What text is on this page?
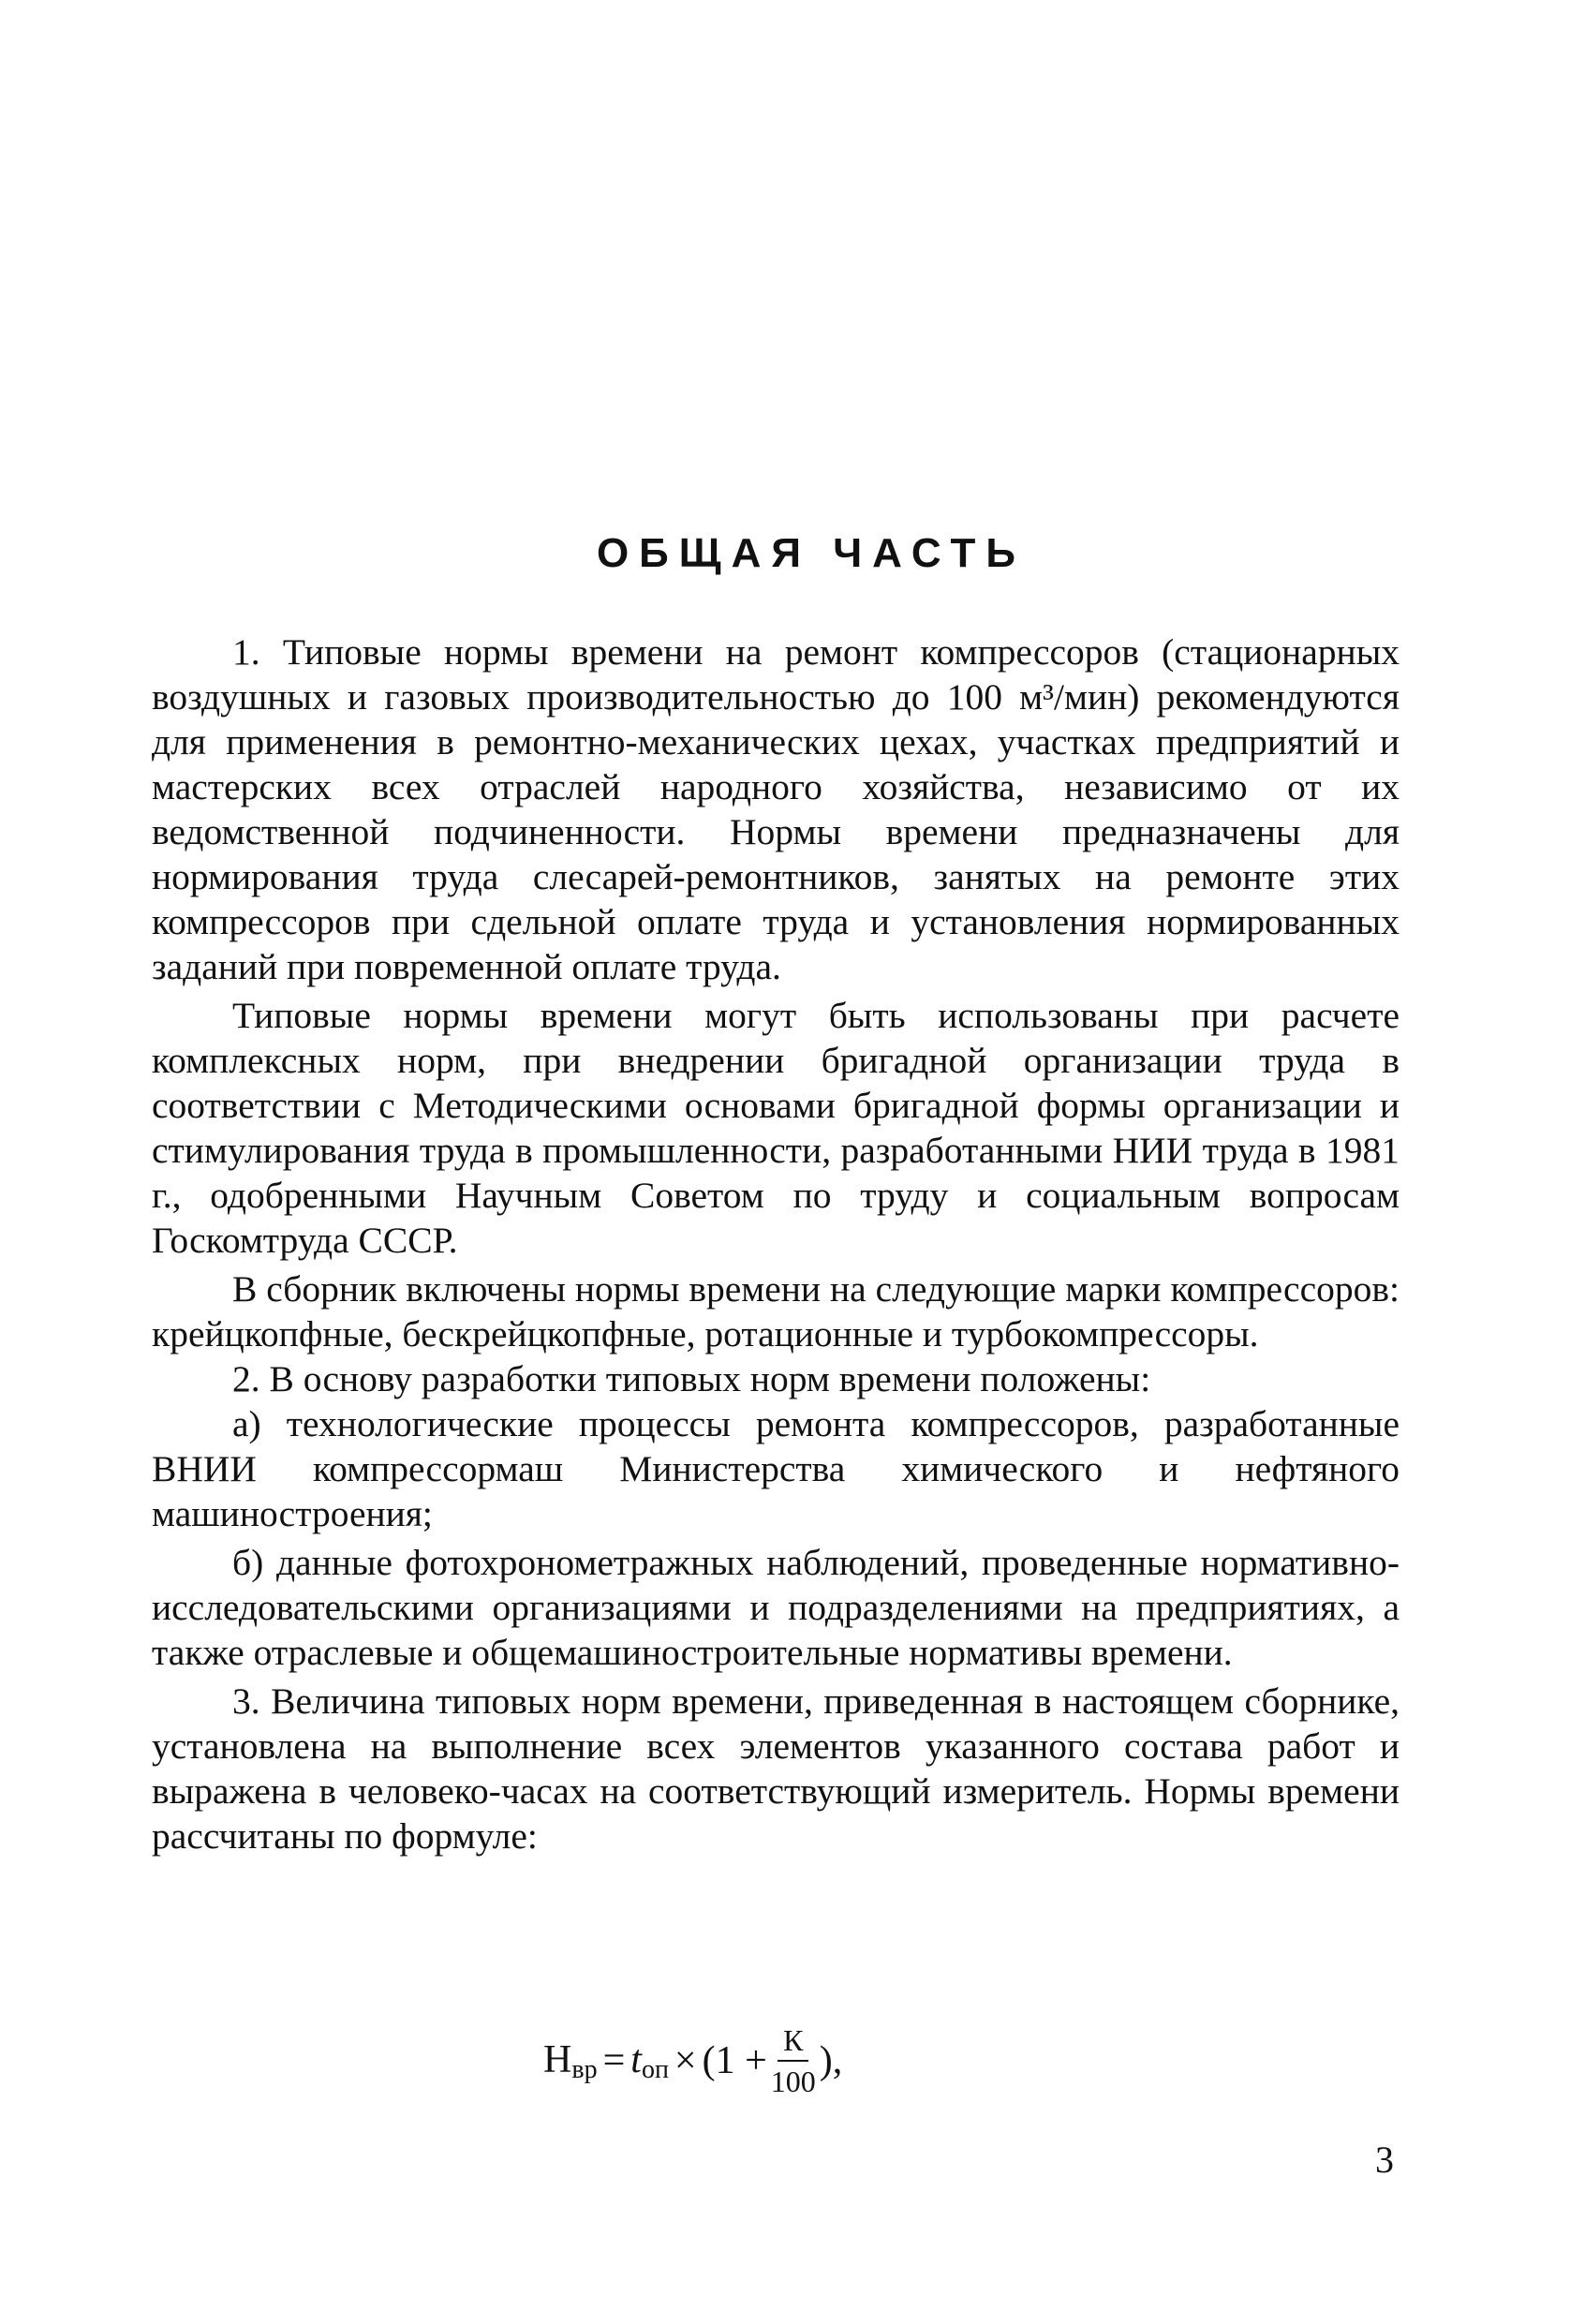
ОБЩАЯ ЧАСТЬ

1. Типовые нормы времени на ремонт компрессоров (стационарных воздушных и газовых производительностью до 100 м³/мин) рекомендуются для применения в ремонтно-механических цехах, участках предприятий и мастерских всех отраслей народного хозяйства, независимо от их ведомственной подчиненности. Нормы времени предназначены для нормирования труда слесарей-ремонтников, занятых на ремонте этих компрессоров при сдельной оплате труда и установления нормированных заданий при повременной оплате труда.

Типовые нормы времени могут быть использованы при расчете комплексных норм, при внедрении бригадной организации труда в соответствии с Методическими основами бригадной формы организации и стимулирования труда в промышленности, разработанными НИИ труда в 1981 г., одобренными Научным Советом по труду и социальным вопросам Госкомтруда СССР.

В сборник включены нормы времени на следующие марки компрессоров: крейцкопфные, бескрейцкопфные, ротационные и турбокомпрессоры.

2. В основу разработки типовых норм времени положены:

а) технологические процессы ремонта компрессоров, разработанные ВНИИ компрессормаш Министерства химического и нефтяного машиностроения;

б) данные фотохронометражных наблюдений, проведенные нормативно-исследовательскими организациями и подразделениями на предприятиях, а также отраслевые и общемашиностроительные нормативы времени.

3. Величина типовых норм времени, приведенная в настоящем сборнике, установлена на выполнение всех элементов указанного состава работ и выражена в человеко-часах на соответствующий измеритель. Нормы времени рассчитаны по формуле:

$Н_{вр} = t_{оп} \times (1 + \frac{К}{100}$ ),
3
